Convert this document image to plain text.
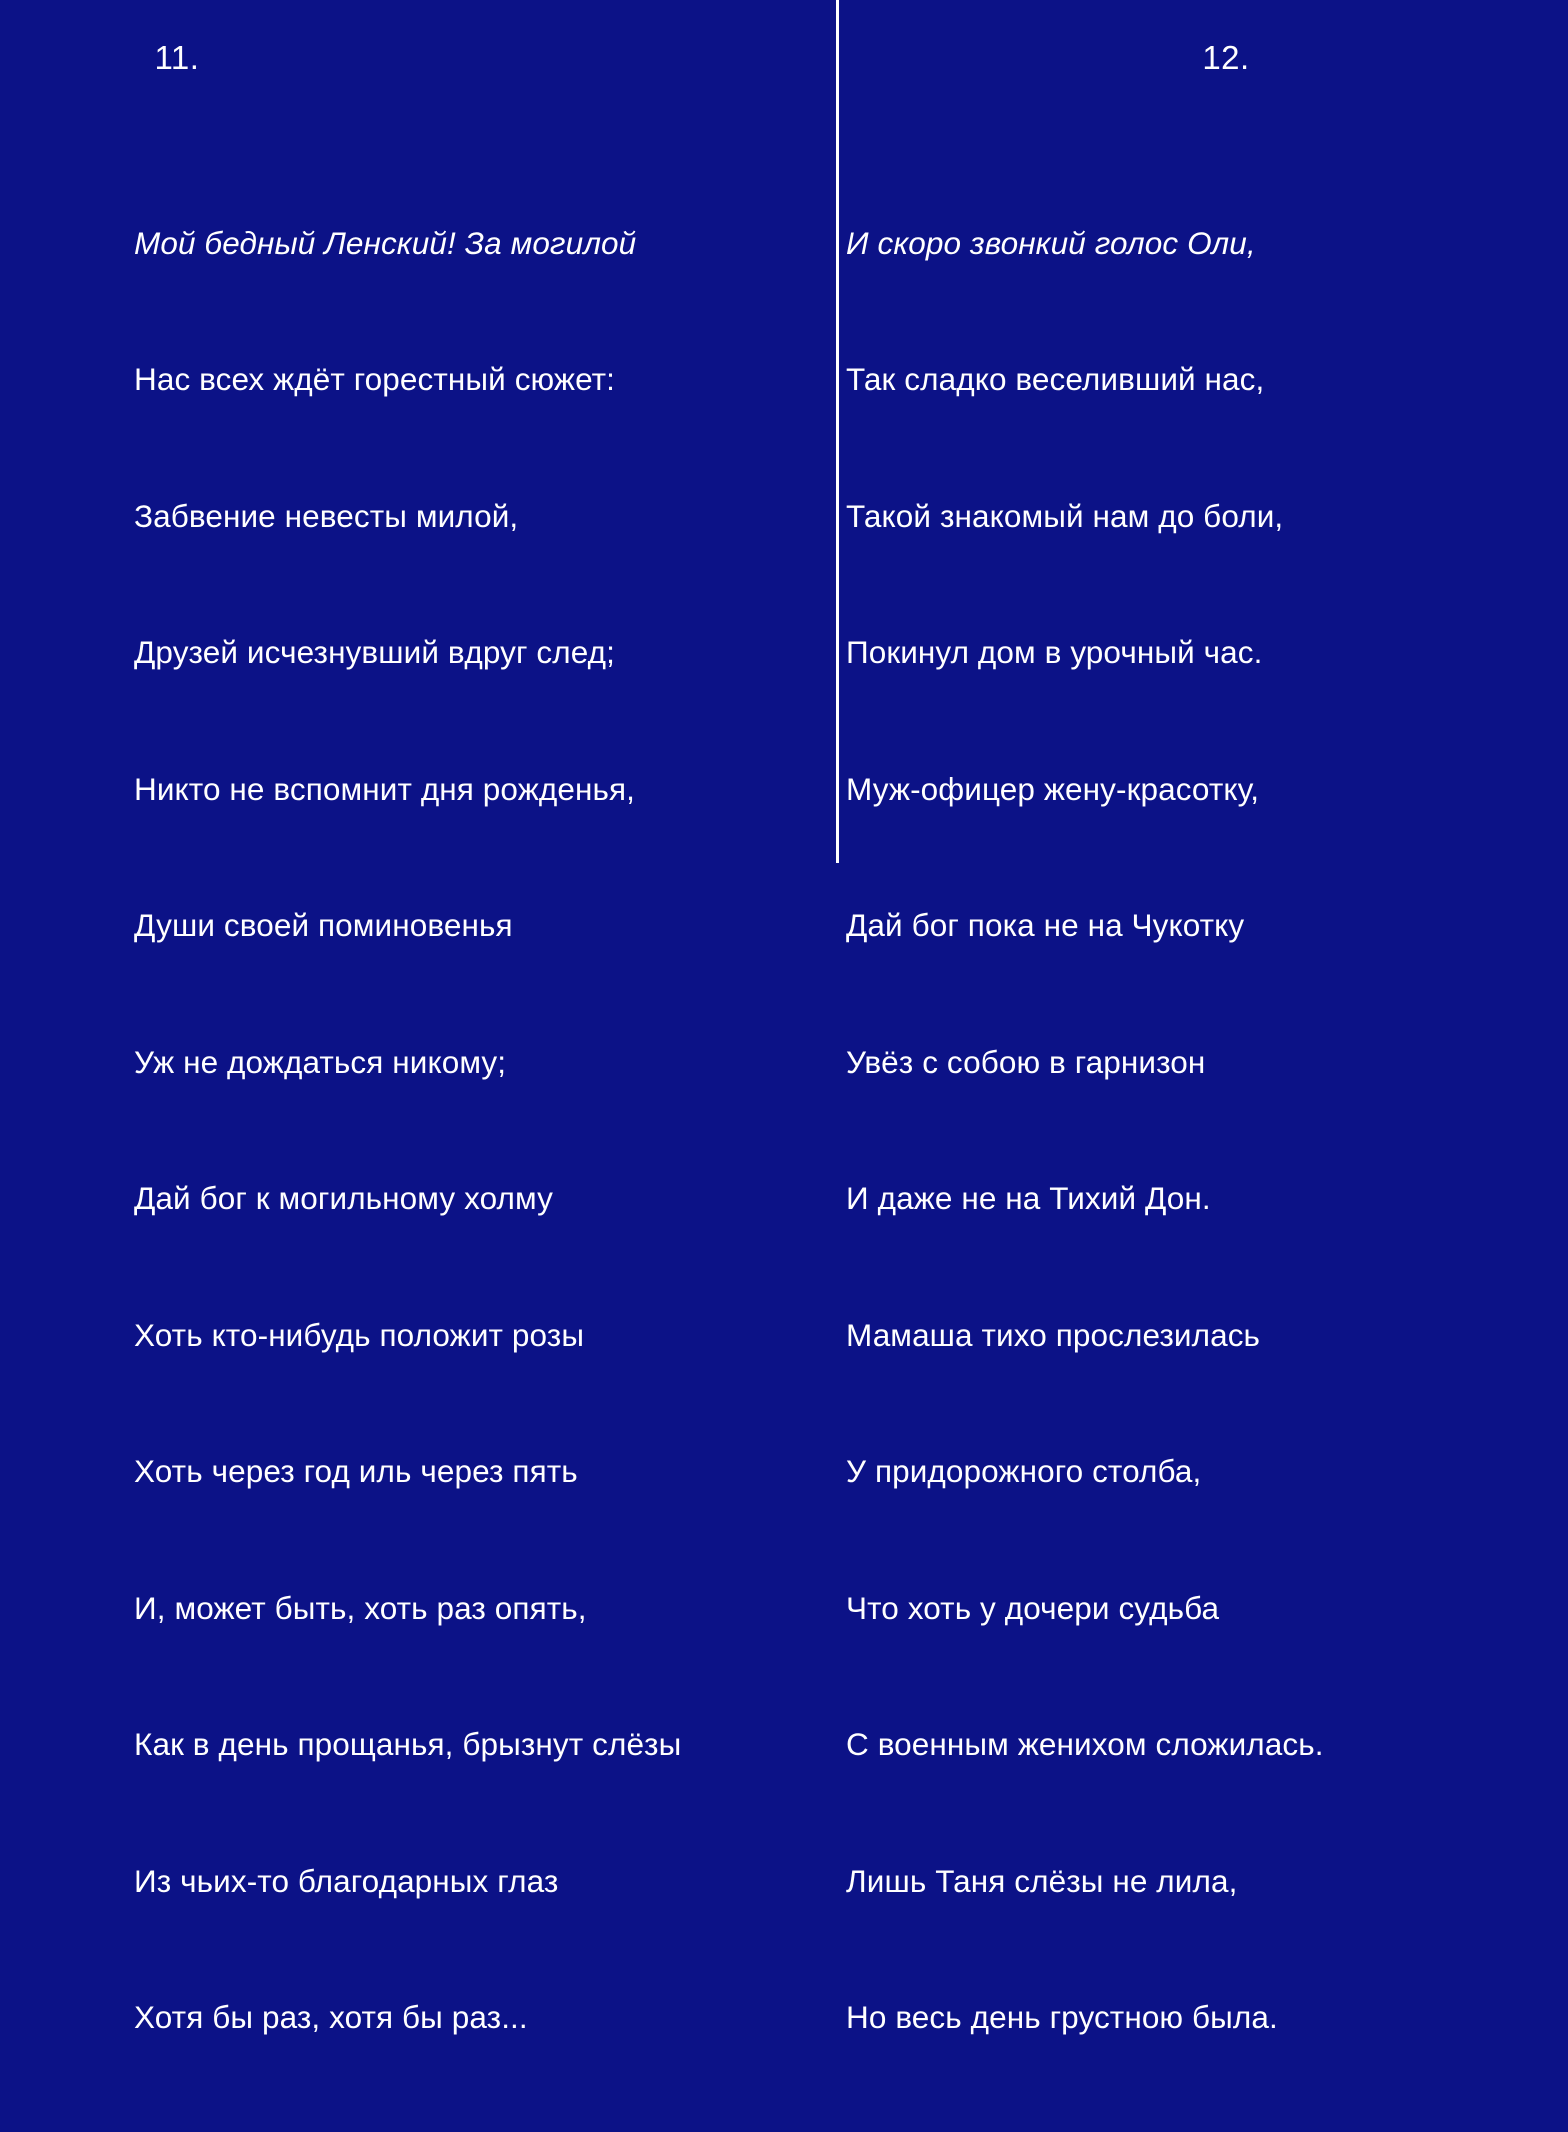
11.

Мой бедный Ленский! За могилой

Нас всех ждёт горестный сюжет:

Забвение невесты милой,

Друзей исчезнувший вдруг след;

Никто не вспомнит дня рожденья,

Души своей поминовенья

Уж не дождаться никому;

Дай бог к могильному холму

Хоть кто-нибудь положит розы

Хоть через год иль через пять

И, может быть, хоть раз опять,

Как в день прощанья, брызнут слёзы

Из чьих-то благодарных глаз

Хотя бы раз, хотя бы раз...

12.

И скоро звонкий голос Оли,

Так сладко веселивший нас,

Такой знакомый нам до боли,

Покинул дом в урочный час.

Муж-офицер жену-красотку,

Дай бог пока не на Чукотку

Увёз с собою в гарнизон

И даже не на Тихий Дон.

Мамаша тихо прослезилась

У придорожного столба,

Что хоть у дочери судьба

С военным женихом сложилась.

Лишь Таня слёзы не лила,

Но весь день грустною была.
